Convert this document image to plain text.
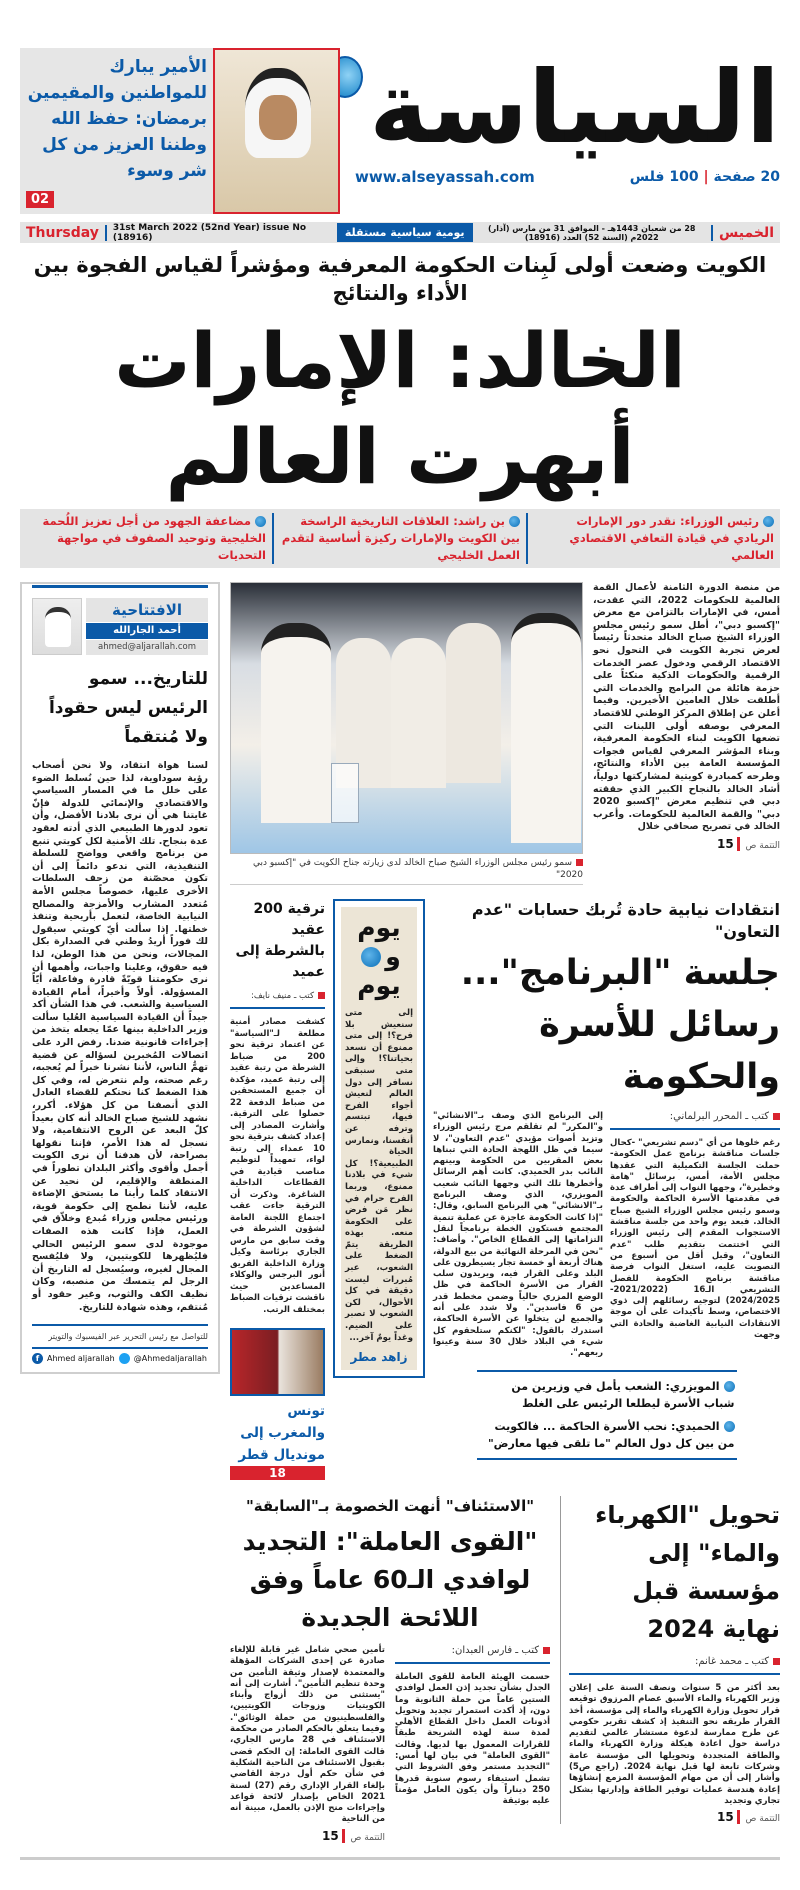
الأمير يبارك للمواطنين والمقيمين برمضان: حفظ الله وطننا العزيز من كل شر وسوء
02
السياسة
www.alseyassah.com	20 صفحة | 100 فلس
Thursday	31st March 2022 (52nd Year) issue No (18916)	يومية سياسية مستقلة	28 من شعبان 1443هـ - الموافق 31 من مارس (آذار) 2022م (السنة 52) العدد (18916)	الخميس
الكويت وضعت أولى لَبِنات الحكومة المعرفية ومؤشراً لقياس الفجوة بين الأداء والنتائج
الخالد: الإمارات أبهرت العالم
رئيس الوزراء: نقدر دور الإمارات الريادي في قيادة التعافي الاقتصادي العالمي
بن راشد: العلاقات التاريخية الراسخة بين الكويت والإمارات ركيزة أساسية لتقدم العمل الخليجي
مضاعفة الجهود من أجل تعزيز اللُحمة الخليجية وتوحيد الصفوف في مواجهة التحديات
الافتتاحية
أحمد الجارالله
ahmed@aljarallah.com
للتاريخ... سمو الرئيس ليس حقوداً ولا مُنتقماً
لسنا هواة انتقاد، ولا نحن أصحاب رؤية سوداوية، لذا حين نُسلط الضوء على خلل ما في المسار السياسي والاقتصادي والإنمائي للدولة فإنّ غايتنا هي أن نرى بلادنا الأفضل، وأن تعود لدورها الطبيعي الذي أدته لعقود عدة بنجاح. تلك الأمنية لكل كويتي تنبع من برنامج واقعي وواضح للسلطة التنفيذية، التي ندعو دائماً إلى أن تكون محصّنة من زحف السلطات الأخرى عليها، خصوصاً مجلس الأمة مُتعدد المشارب والأمزجة والمصالح النيابية الخاصة، لتعمل بأريحية وتنفذ خطتها. إذا سألت أيّ كويتي سيقول لك فوراً أريدُ وطني في الصدارة بكل المجالات، ونحن من هذا الوطن، لذا فيه حقوق، وعلينا واجبات، وأهمها أن نرى حكومتنا قويّةً قادرة وفاعلة، أيّاً المسؤولة. أولاً وأخيراً، أمام القيادة السياسية والشعب. في هذا الشأن أكد جيداً أن القيادة السياسية العُليا سألت وزير الداخلية بينها عمّا يجعله يتخذ من إجراءات قانونية ضدنا. رفض الرد على اتصالات المُخبرين لسؤاله عن قضية تهمُّ الناس، لأننا نشرنا خبراً لم يُعجبه، رغم صحته، ولم نتعرض له، وفي كل هذا الضغط كنا نحتكم للقضاء العادل الذي أنصفنا من كل هؤلاء. أكرر، نشهد للشيخ صباح الخالد أنه كان بعيداً كلّ البعد عن الروح الانتقامية، ولا نسجل له هذا الأمر، فإننا نقولها بصراحة، لأن هدفنا أن نرى الكويت أجمل وأقوى وأكثر البلدان تطوراً في المنطقة والإقليم، لن نحيد عن الانتقاد كلما رأينا ما يستحق الإضاءة عليه، لأننا نطمح إلى حكومة قوية، ورئيس مجلس وزراء مُبدع وخلاّق في العمل، فإذا كانت هذه الصفات موجودة لدى سمو الرئيس الحالي فليُظهرها للكويتيين، ولا فليُفسح المجال لغيره، وسيُسجل له التاريخ أن الرجل لم يتمسك من منصبه، وكان نظيف الكف والثوب، وغير حقود أو مُنتقم، وهذه شهادة للتاريخ.
للتواصل مع رئيس التحرير عبر الفيسبوك والتويتر
f Ahmed aljarallah @Ahmedaljarallah
سمو رئيس مجلس الوزراء الشيخ صباح الخالد لدى زيارته جناح الكويت في "إكسبو دبي 2020"
من منصة الدورة الثامنة لأعمال القمة العالمية للحكومات 2022، التي عقدت، أمس، في الإمارات بالتزامن مع معرض "إكسبو دبي"، أطل سمو رئيس مجلس الوزراء الشيخ صباح الخالد متحدثاً رئيساً لعرض تجربة الكويت في التحول نحو الاقتصاد الرقمي ودخول عصر الخدمات الرقمية والحكومات الذكية متكئاً على حزمة هائلة من البرامج والخدمات التي أطلقت خلال العامين الأخيرين. وفيما أعلن عن إطلاق المركز الوطني للاقتصاد المعرفي بوصفه أولى اللبنات التي تضعها الكويت لبناء الحكومة المعرفية، وبناء المؤشر المعرفي لقياس فجوات المؤسسة العامة بين الأداء والنتائج، وطرحه كمبادرة كويتية لمشاركتها دولياً، أشاد الخالد بالنجاح الكبير الذي حققته دبي في تنظيم معرض "إكسبو 2020 دبي" والقمة العالمية للحكومات. وأعرب الخالد في تصريح صحافي خلال
التتمة ص 15
ترقية 200 عقيد بالشرطة إلى عميد
كتب ـ منيف نايف:
كشفت مصادر أمنية مطلعة لـ"السياسة" عن اعتماد ترقية نحو 200 من ضباط الشرطة من رتبة عقيد إلى رتبة عميد، مؤكدة أن جميع المستحقين من ضباط الدفعة 22 حصلوا على الترقية. وأشارت المصادر إلى إعداد كشف بترقية نحو 10 عمداء إلى رتبة لواء، تمهيداً لتوظيم مناصب قيادية في القطاعات الداخلية الشاغرة. وذكرت أن الترقية جاءت عقب اجتماع اللجنة العامة لشؤون الشرطة في وقت سابق من مارس الجاري برئاسة وكيل وزارة الداخلية الفريق أنور البرجس والوكلاء المساعدين حيث ناقشت ترقيات الضباط بمختلف الرتب.
تونس والمغرب إلى مونديال قطر
18
يوم
و
يوم
إلى متى سنعيش بلا فرح؟! إلى متى ممنوع أن نسعد بحياتنا؟! وإلى متى سنبقى نسافر إلى دول العالم لنعيش أجواء الفرح فيها، تبتسم وترفه عن أنفسنا، ونمارس الحياة الطبيعية؟! كل شيء في بلادنا ممنوع، وربما الفرح حرام في نظر مَن فرض على الحكومة منعه. بهذه الطريقة يتمّ الضغط على الشعوب، عبر مُبررات ليست دقيقة في كل الأحوال، لكن الشعوب لا تصبر على الضيم. وغداً يومٌ آخر...
زاهد مطر
انتقادات نيابية حادة تُربك حسابات "عدم التعاون"
جلسة "البرنامج"... رسائل للأسرة والحكومة
إلى البرنامج الذي وصف بـ"الانشائي" و"المكرر" لم تقلقم مرج رئيس الوزراء وتزيد أصوات مؤيدي "عدم التعاون"، لا سيما في ظل اللهجة الحادة التي تبناها بعض المقربين من الحكومة وبينهم النائب بدر الحميدي. كانت أهم الرسائل وأخطرها تلك التي وجهها النائب شعيب المويزري، الذي وصف البرنامج بـ"الانشائي" هي البرنامج السابق، وقال: "إذا كانت الحكومة عاجزة عن عملية تنمية المجتمع فستكون الخطة برنامجاً لنقل التزاماتها إلى القطاع الخاص". وأضاف: "نحن في المرحلة النهائية من بيع الدولة، هناك أربعة أو خمسة تجار يسيطرون على البلد وعلى القرار فيه، ويريدون سلب القرار من الأسرة الحاكمة في ظل الوضع المزري حالياً وضمن مخطط قدر من 6 فاسدين". ولا شدد على أنه والجميع لن يتخلوا عن الأسرة الحاكمة، استدرك بالقول: "لكنكم ستلحقوم كل شيء في البلاد خلال 30 سنة وعينوا ربعهم".
كتب ـ المحرر البرلماني:
رغم خلوها من أي "دسم تشريعي" -كحال جلسات مناقشة برنامج عمل الحكومة- حملت الجلسة التكميلية التي عقدها مجلس الأمة، أمس، برسائل "هامة وخطيرة"، وجهها النواب إلى أطراف عدة في مقدمتها الأسرة الحاكمة والحكومة وسمو رئيس مجلس الوزراء الشيخ صباح الخالد. فبعد يوم واحد من جلسة مناقشة الاستجواب المقدم إلى رئيس الوزراء التي اختتمت بتقديم طلب "عدم التعاون"، وقبل أقل من أسبوع من التصويت عليه، استغل النواب فرصة مناقشة برنامج الحكومة للفصل التشريعي الـ16 (2021/2022-2024/2025) لتوجيه رسائلهم إلى ذوي الاختصاص، وسط تأكيدات على أن موجة الانتقادات النيابية الغاضبة والحادة التي وجهت
المويزري: الشعب يأمل في وزيرين من شباب الأسرة ليطلعا الرئيس على الغلط
الحميدي: نحب الأسرة الحاكمة ... فالكويت من بين كل دول العالم "ما تلقى فيها معارض"
"الاستئناف" أنهت الخصومة بـ"السابقة"
"القوى العاملة": التجديد لوافدي الـ60 عاماً وفق اللائحة الجديدة
تأمين صحي شامل غير قابلة للإلغاء صادرة عن إحدى الشركات المؤهلة والمعتمدة لإصدار وثيقة التأمين من وحدة تنظيم التأمين". أشارت إلى أنه "يستثنى من ذلك أزواج وأبناء الكويتيات وزوجات الكويتيين، والفلسطينيون من حملة الوثائق". وفيما يتعلق بالحكم الصادر من محكمة الاستئناف في 28 مارس الجاري، قالت القوى العاملة: إن الحكم قضى بقبول الاستئناف من الناحية الشكلية في شأن حكم أول درجة القاضي بإلغاء القرار الإداري رقم (27) لسنة 2021 الخاص بإصدار لائحة قواعد وإجراءات منح الإذن بالعمل، مبينة أنه من الناحية
التتمة ص 15
كتب ـ فارس العبدان:
حسمت الهيئة العامة للقوى العاملة الجدل بشأن تجديد إذن العمل لوافدي الستين عاماً من حملة الثانوية وما دون، إذ أكدت استمرار تجديد وتحويل أذونات العمل داخل القطاع الأهلي لمدة سنة لهذه الشريحة طبقاً للقرارات المعمول بها لديها. وقالت "القوى العاملة" في بيان لها أمس: "التجديد مستمر وفق الشروط التي تشمل استيفاء رسوم سنوية قدرها 250 ديناراً وأن يكون العامل مؤمناً عليه بوثيقة
تحويل "الكهرباء والماء" إلى مؤسسة قبل نهاية 2024
كتب ـ محمد غانم:
بعد أكثر من 5 سنوات ونصف السنة على إعلان وزير الكهرباء والماء الأسبق عصام المرزوق توقيعه قرار تحويل وزارة الكهرباء والماء إلى مؤسسة، أخذ القرار طريقه نحو التنفيذ إذ كشف تقرير حكومي عن طرح ممارسة لدعوة مستشار عالمي لتقديم دراسة حول اعادة هيكلة وزارة الكهرباء والماء والطاقة المتجددة وتحويلها الى مؤسسة عامة وشركات تابعة لها قبل نهاية 2024. (راجع ص5) وأشار إلى أن من مهام المؤسسة المزمع إنشاؤها إعادة هندسة عمليات توفير الطاقة وإدارتها بشكل تجاري وتجديد
التتمة ص 15
